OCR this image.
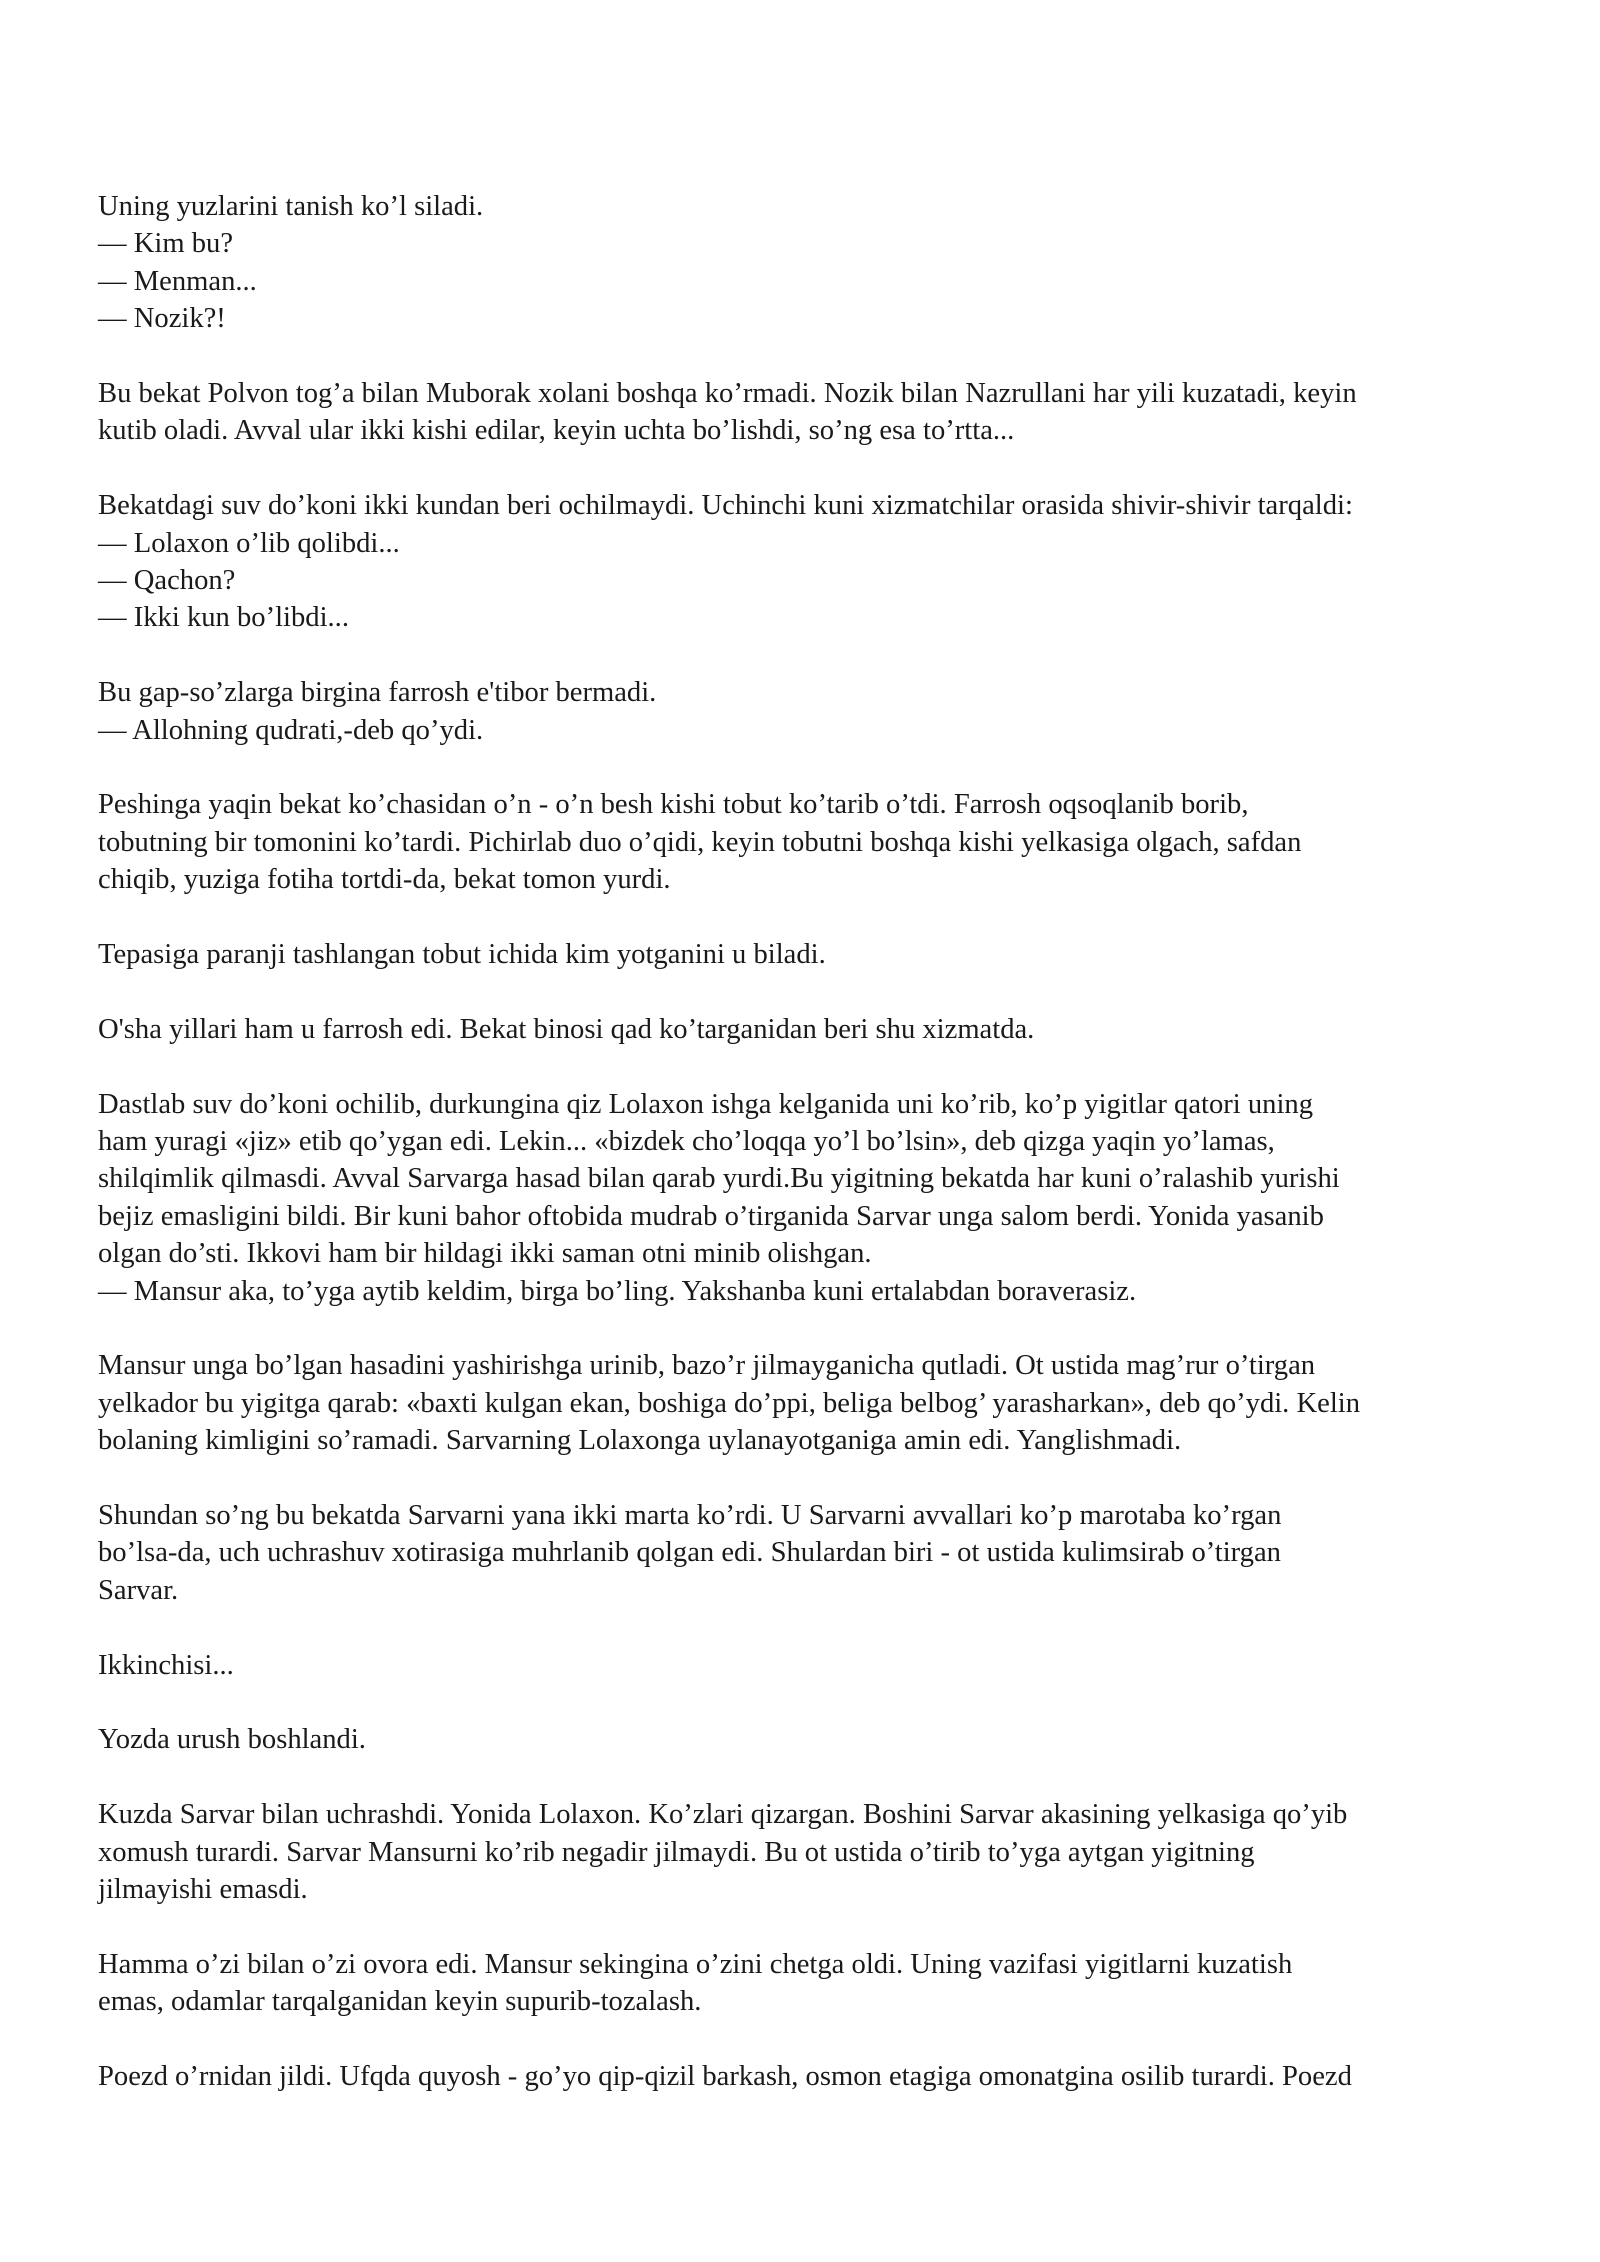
Uning yuzlarini tanish ko’l siladi.
— Kim bu?
— Menman...
— Nozik?!

Bu bekat Polvon tog’a bilan Muborak xolani boshqa ko’rmadi. Nozik bilan Nazrullani har yili kuzatadi, keyin
kutib oladi. Avval ular ikki kishi edilar, keyin uchta bo’lishdi, so’ng esa to’rtta...

Bekatdagi suv do’koni ikki kundan beri ochilmaydi. Uchinchi kuni xizmatchilar orasida shivir-shivir tarqaldi:
— Lolaxon o’lib qolibdi...
— Qachon?
— Ikki kun bo’libdi...

Bu gap-so’zlarga birgina farrosh e'tibor bermadi.
— Allohning qudrati,-deb qo’ydi.

Peshinga yaqin bekat ko’chasidan o’n - o’n besh kishi tobut ko’tarib o’tdi. Farrosh oqsoqlanib borib,
tobutning bir tomonini ko’tardi. Pichirlab duo o’qidi, keyin tobutni boshqa kishi yelkasiga olgach, safdan
chiqib, yuziga fotiha tortdi-da, bekat tomon yurdi.

Tepasiga paranji tashlangan tobut ichida kim yotganini u biladi.

O'sha yillari ham u farrosh edi. Bekat binosi qad ko’targanidan beri shu xizmatda.

Dastlab suv do’koni ochilib, durkungina qiz Lolaxon ishga kelganida uni ko’rib, ko’p yigitlar qatori uning
ham yuragi «jiz» etib qo’ygan edi. Lekin... «bizdek cho’loqqa yo’l bo’lsin», deb qizga yaqin yo’lamas,
shilqimlik qilmasdi. Avval Sarvarga hasad bilan qarab yurdi.Bu yigitning bekatda har kuni o’ralashib yurishi
bejiz emasligini bildi. Bir kuni bahor oftobida mudrab o’tirganida Sarvar unga salom berdi. Yonida yasanib
olgan do’sti. Ikkovi ham bir hildagi ikki saman otni minib olishgan.
— Mansur aka, to’yga aytib keldim, birga bo’ling. Yakshanba kuni ertalabdan boraverasiz.

Mansur unga bo’lgan hasadini yashirishga urinib, bazo’r jilmayganicha qutladi. Ot ustida mag’rur o’tirgan
yelkador bu yigitga qarab: «baxti kulgan ekan, boshiga do’ppi, beliga belbog’ yarasharkan», deb qo’ydi. Kelin
bolaning kimligini so’ramadi. Sarvarning Lolaxonga uylanayotganiga amin edi. Yanglishmadi.

Shundan so’ng bu bekatda Sarvarni yana ikki marta ko’rdi. U Sarvarni avvallari ko’p marotaba ko’rgan
bo’lsa-da, uch uchrashuv xotirasiga muhrlanib qolgan edi. Shulardan biri - ot ustida kulimsirab o’tirgan
Sarvar.

Ikkinchisi...

Yozda urush boshlandi.

Kuzda Sarvar bilan uchrashdi. Yonida Lolaxon. Ko’zlari qizargan. Boshini Sarvar akasining yelkasiga qo’yib
xomush turardi. Sarvar Mansurni ko’rib negadir jilmaydi. Bu ot ustida o’tirib to’yga aytgan yigitning
jilmayishi emasdi.

Hamma o’zi bilan o’zi ovora edi. Mansur sekingina o’zini chetga oldi. Uning vazifasi yigitlarni kuzatish
emas, odamlar tarqalganidan keyin supurib-tozalash.

Poezd o’rnidan jildi. Ufqda quyosh - go’yo qip-qizil barkash, osmon etagiga omonatgina osilib turardi. Poezd
